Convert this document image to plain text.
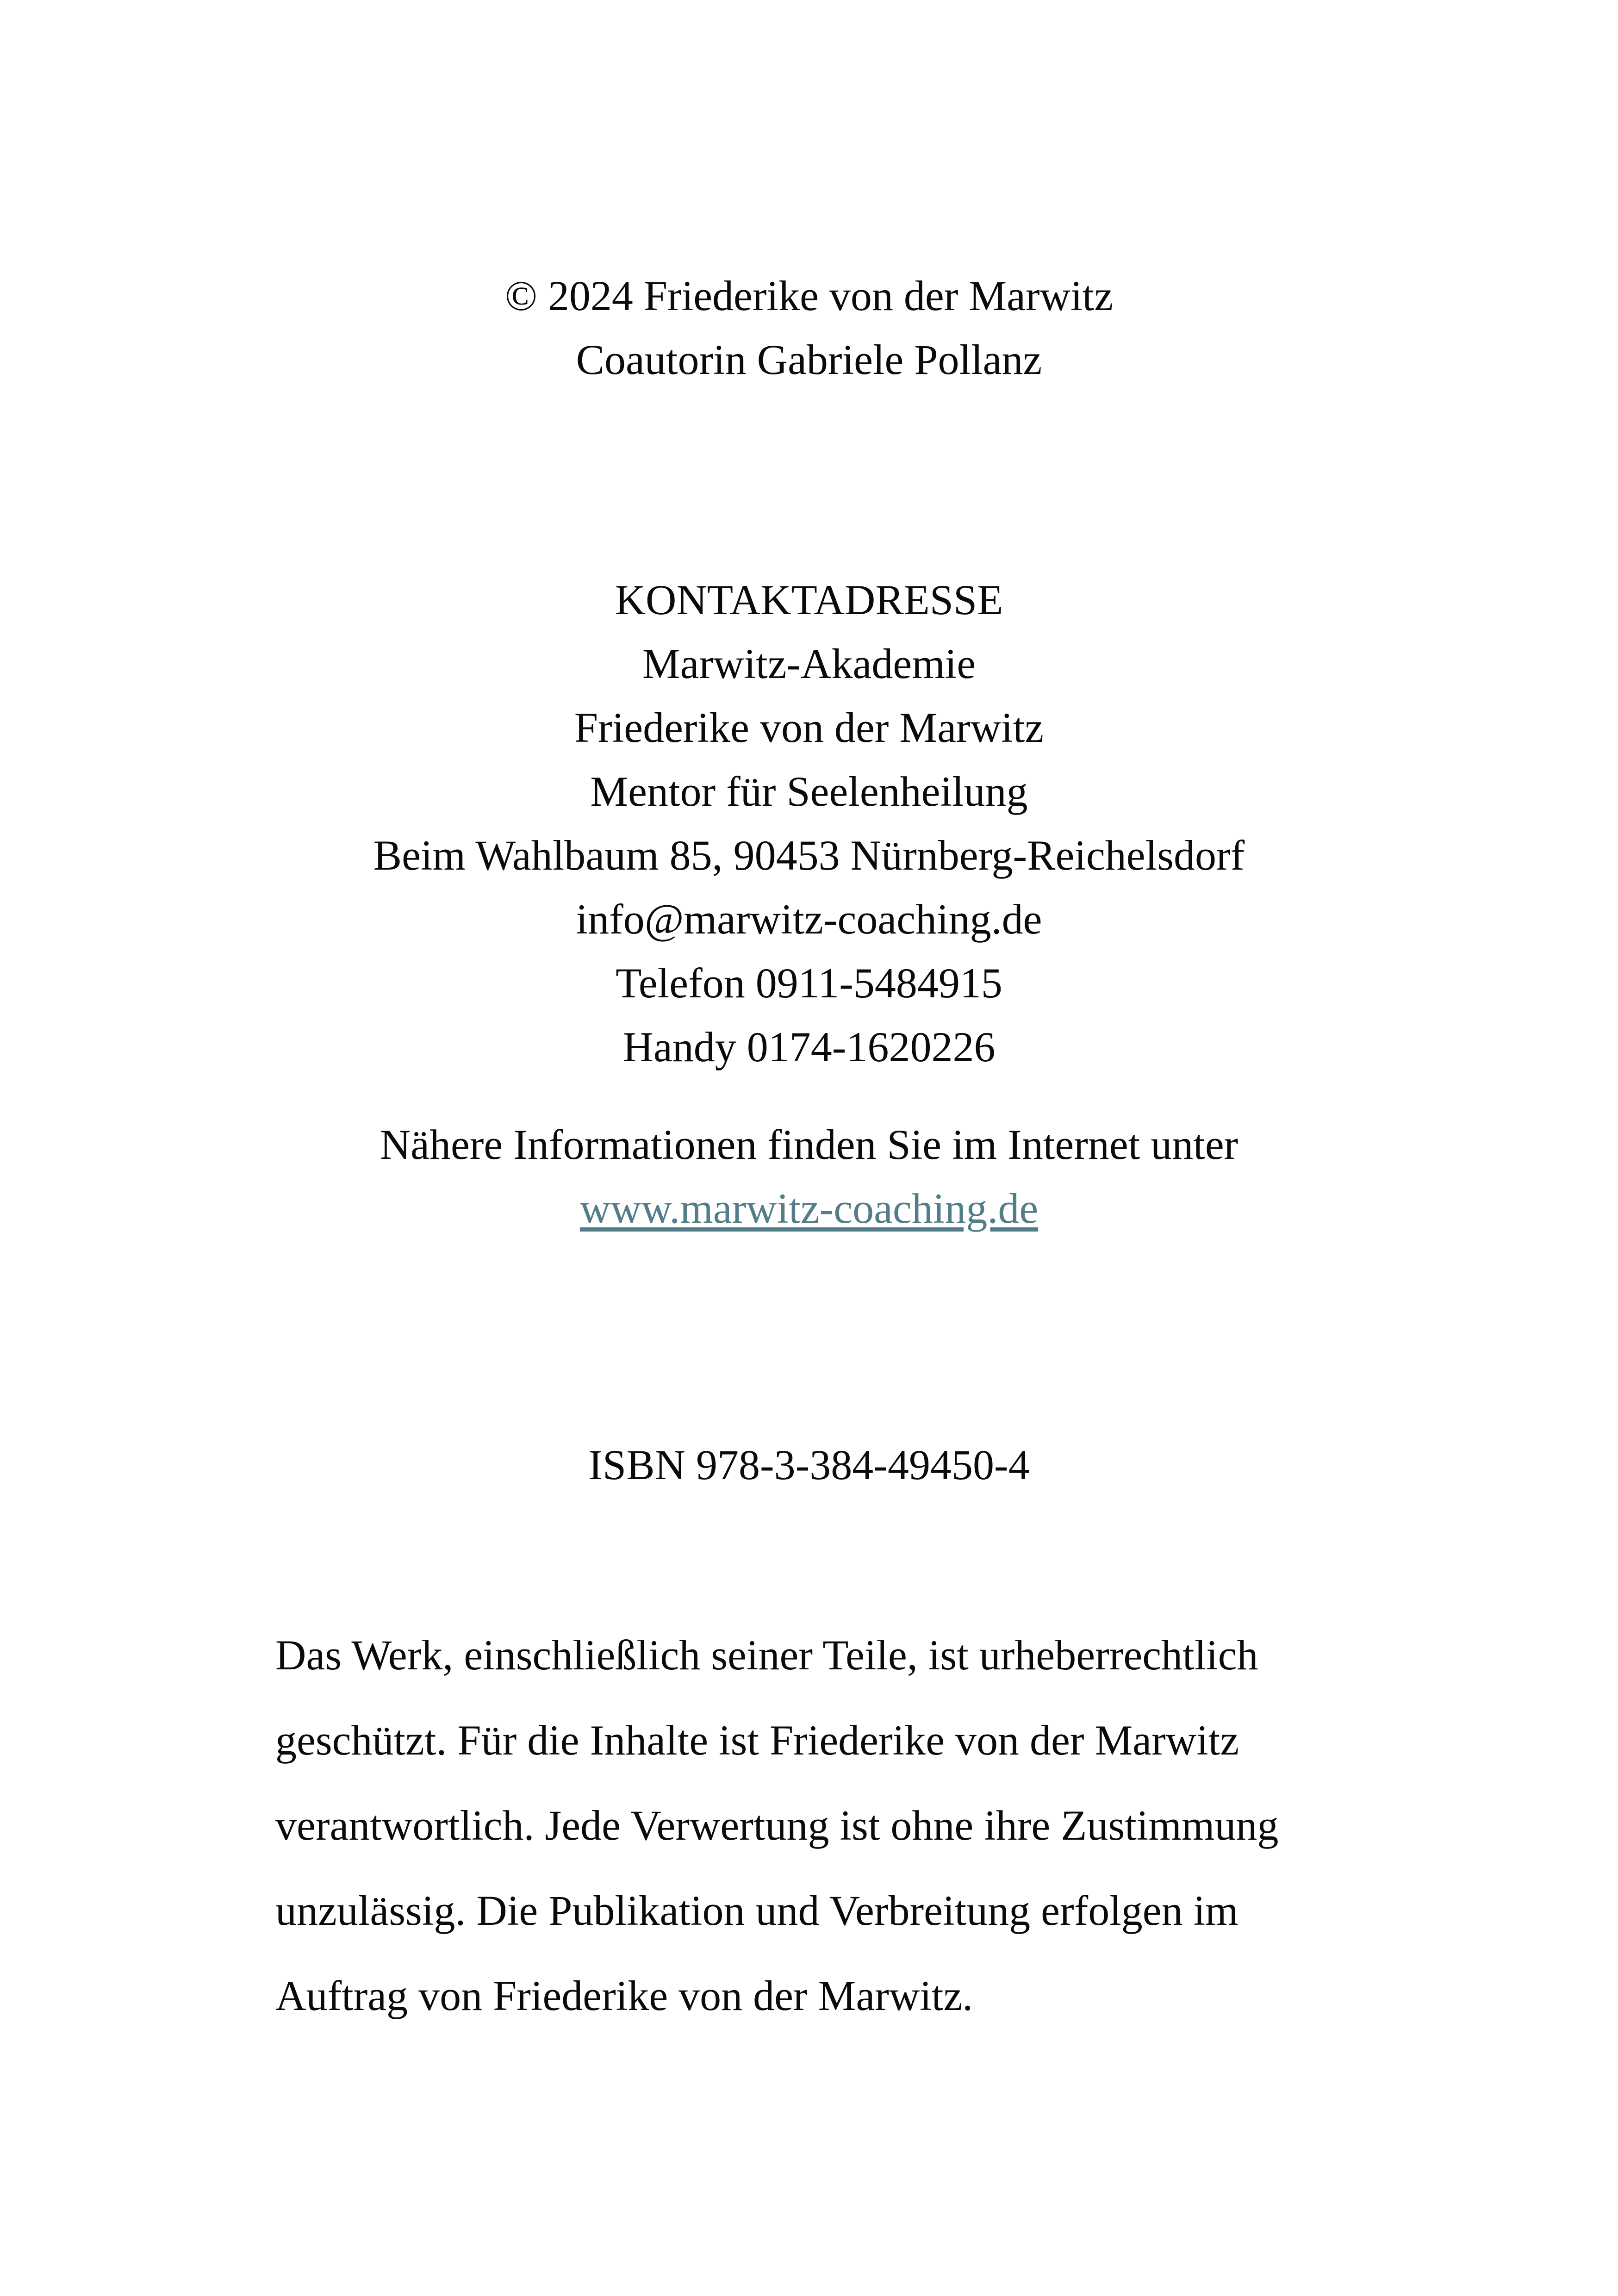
© 2024 Friederike von der Marwitz
Coautorin Gabriele Pollanz
KONTAKTADRESSE
Marwitz-Akademie
Friederike von der Marwitz
Mentor für Seelenheilung
Beim Wahlbaum 85, 90453 Nürnberg-Reichelsdorf
info@marwitz-coaching.de
Telefon 0911-5484915
Handy 0174-1620226
Nähere Informationen finden Sie im Internet unter
www.marwitz-coaching.de
ISBN 978-3-384-49450-4
Das Werk, einschließlich seiner Teile, ist urheberrechtlich geschützt. Für die Inhalte ist Friederike von der Marwitz verantwortlich. Jede Verwertung ist ohne ihre Zustimmung unzulässig. Die Publikation und Verbreitung erfolgen im Auftrag von Friederike von der Marwitz.
